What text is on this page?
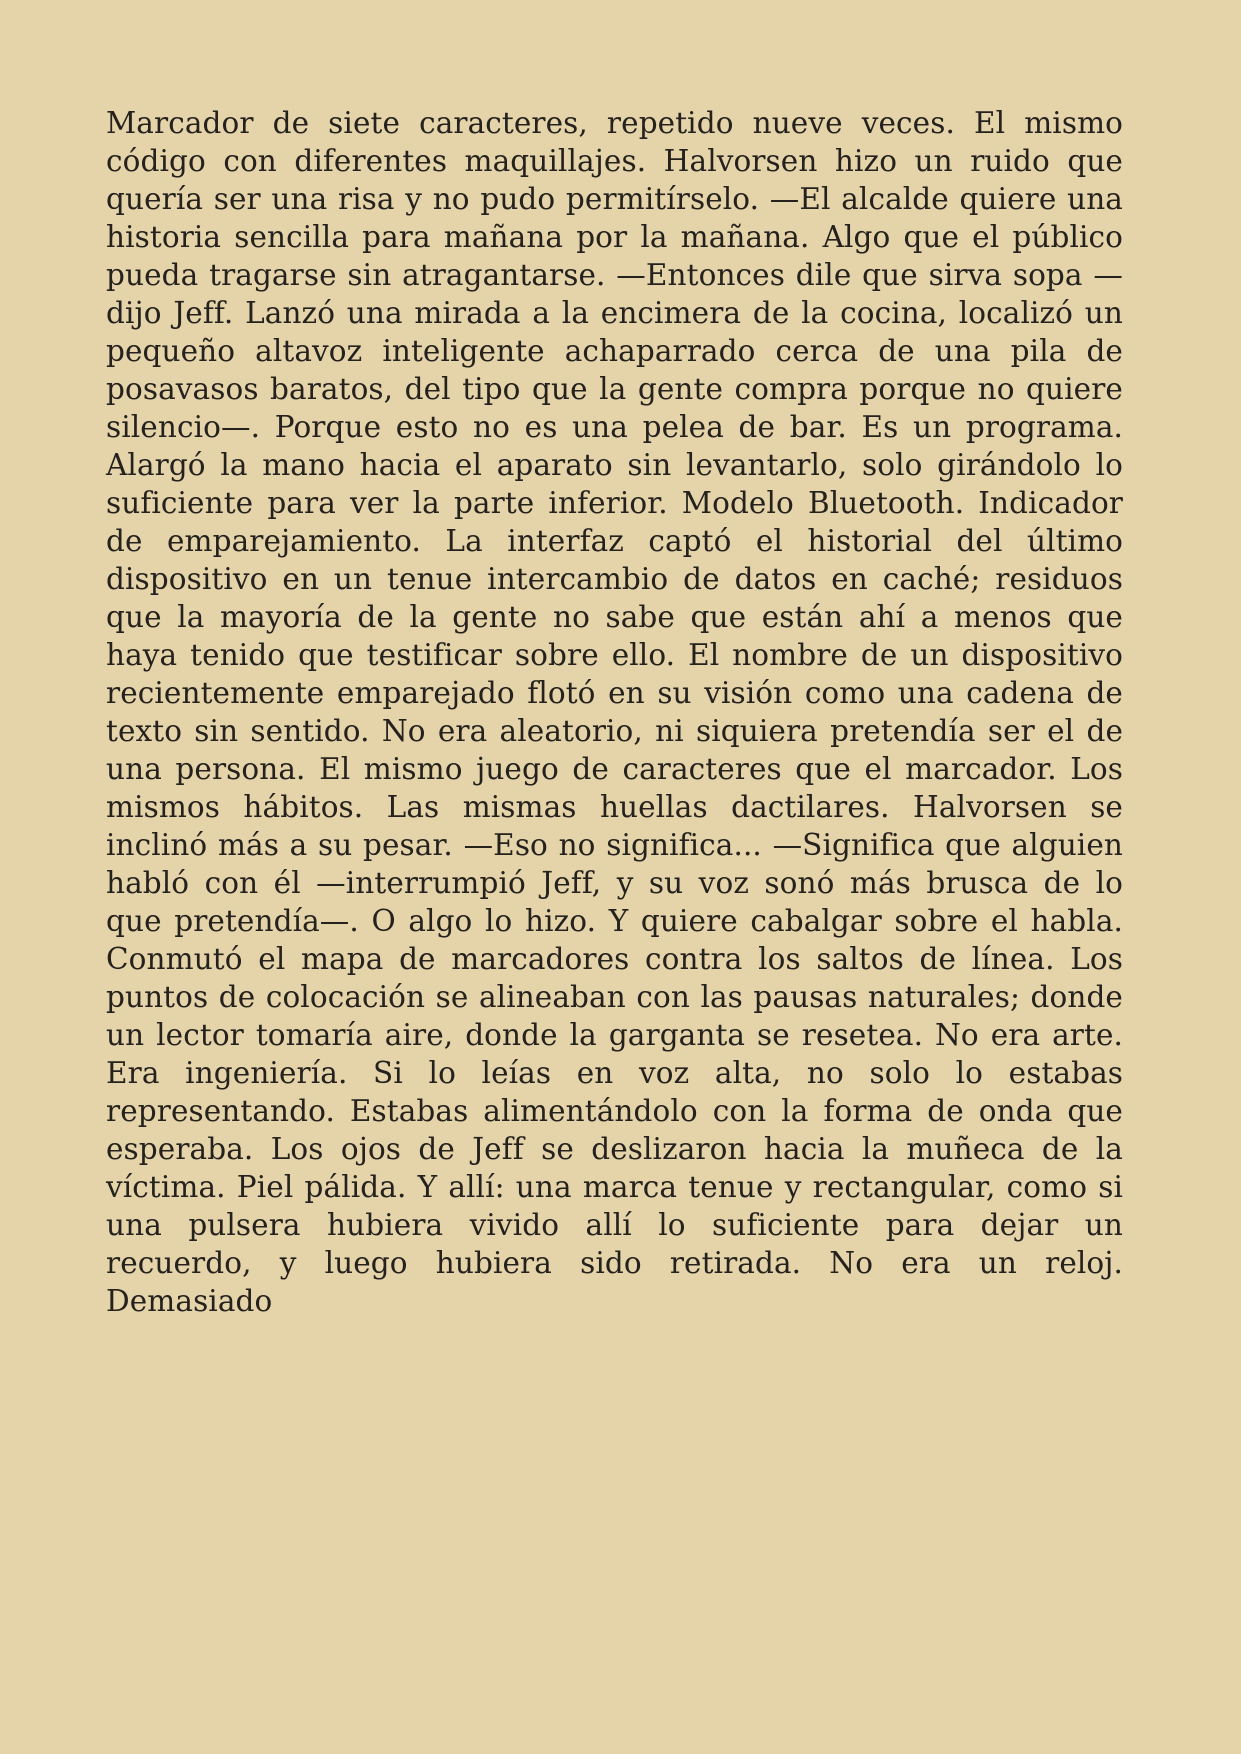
Marcador de siete caracteres, repetido nueve veces. El mismo código con diferentes maquillajes. Halvorsen hizo un ruido que quería ser una risa y no pudo permitírselo. —El alcalde quiere una historia sencilla para mañana por la mañana. Algo que el público pueda tragarse sin atragantarse. —Entonces dile que sirva sopa —dijo Jeff. Lanzó una mirada a la encimera de la cocina, localizó un pequeño altavoz inteligente achaparrado cerca de una pila de posavasos baratos, del tipo que la gente compra porque no quiere silencio—. Porque esto no es una pelea de bar. Es un programa. Alargó la mano hacia el aparato sin levantarlo, solo girándolo lo suficiente para ver la parte inferior. Modelo Bluetooth. Indicador de emparejamiento. La interfaz captó el historial del último dispositivo en un tenue intercambio de datos en caché; residuos que la mayoría de la gente no sabe que están ahí a menos que haya tenido que testificar sobre ello. El nombre de un dispositivo recientemente emparejado flotó en su visión como una cadena de texto sin sentido. No era aleatorio, ni siquiera pretendía ser el de una persona. El mismo juego de caracteres que el marcador. Los mismos hábitos. Las mismas huellas dactilares. Halvorsen se inclinó más a su pesar. —Eso no significa... —Significa que alguien habló con él —interrumpió Jeff, y su voz sonó más brusca de lo que pretendía—. O algo lo hizo. Y quiere cabalgar sobre el habla. Conmutó el mapa de marcadores contra los saltos de línea. Los puntos de colocación se alineaban con las pausas naturales; donde un lector tomaría aire, donde la garganta se resetea. No era arte. Era ingeniería. Si lo leías en voz alta, no solo lo estabas representando. Estabas alimentándolo con la forma de onda que esperaba. Los ojos de Jeff se deslizaron hacia la muñeca de la víctima. Piel pálida. Y allí: una marca tenue y rectangular, como si una pulsera hubiera vivido allí lo suficiente para dejar un recuerdo, y luego hubiera sido retirada. No era un reloj. Demasiado
